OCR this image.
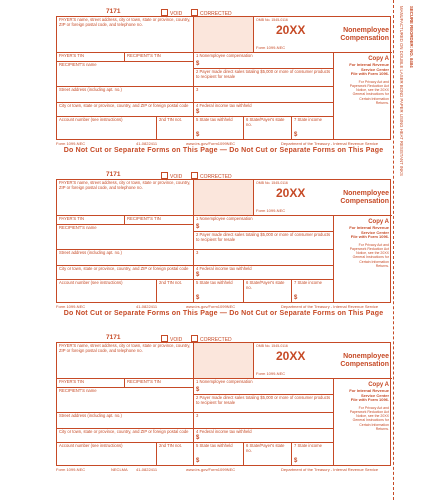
7171	VOID	CORRECTED
PAYER'S name, street address, city or town, state or province, country, ZIP or foreign postal code, and telephone no.
OMB No. 1545-0116
20XX
Form 1099-NEC
Nonemployee Compensation
PAYER'S TIN	RECIPIENT'S TIN	1 Nonemployee compensation
$
RECIPIENT'S name
2 Payer made direct sales totaling $5,000 or more of consumer products to recipient for resale
Street address (including apt. no.)	3
City or town, state or province, country, and ZIP or foreign postal code	4 Federal income tax withheld
$
Account number (see instructions)	2nd TIN not.	5 State tax withheld
$
6 State/Payer's state no.
7 State income
$
Copy A
For Internal Revenue
Service Center
File with Form 1096.
For Privacy Act and
Paperwork Reduction Act
Notice, see the 20XX
General Instructions for
Certain Information
Returns.
Form 1099-NEC	41-0822411	www.irs.gov/Form1099NEC	Department of the Treasury - Internal Revenue Service
Do Not Cut or Separate Forms on This Page — Do Not Cut or Separate Forms on This Page
7171	VOID	CORRECTED
PAYER'S name, street address, city or town, state or province, country, ZIP or foreign postal code, and telephone no.
OMB No. 1545-0116
20XX
Form 1099-NEC
Nonemployee Compensation
PAYER'S TIN	RECIPIENT'S TIN	1 Nonemployee compensation
$
RECIPIENT'S name
2 Payer made direct sales totaling $5,000 or more of consumer products to recipient for resale
Street address (including apt. no.)	3
City or town, state or province, country, and ZIP or foreign postal code	4 Federal income tax withheld
$
Account number (see instructions)	2nd TIN not.	5 State tax withheld
$
6 State/Payer's state no.
7 State income
$
Copy A
For Internal Revenue
Service Center
File with Form 1096.
For Privacy Act and
Paperwork Reduction Act
Notice, see the 20XX
General Instructions for
Certain Information
Returns.
Form 1099-NEC	41-0822411	www.irs.gov/Form1099NEC	Department of the Treasury - Internal Revenue Service
Do Not Cut or Separate Forms on This Page — Do Not Cut or Separate Forms on This Page
7171	VOID	CORRECTED
PAYER'S name, street address, city or town, state or province, country, ZIP or foreign postal code, and telephone no.
OMB No. 1545-0116
20XX
Form 1099-NEC
Nonemployee Compensation
PAYER'S TIN	RECIPIENT'S TIN	1 Nonemployee compensation
$
RECIPIENT'S name
2 Payer made direct sales totaling $5,000 or more of consumer products to recipient for resale
Street address (including apt. no.)	3
City or town, state or province, country, and ZIP or foreign postal code	4 Federal income tax withheld
$
Account number (see instructions)	2nd TIN not.	5 State tax withheld
$
6 State/Payer's state no.
7 State income
$
Copy A
For Internal Revenue
Service Center
File with Form 1096.
For Privacy Act and
Paperwork Reduction Act
Notice, see the 20XX
General Instructions for
Certain Information
Returns.
Form 1099-NEC	NECLMA 41-0822411	www.irs.gov/Form1099NEC	Department of the Treasury - Internal Revenue Service
MANUFACTURED ON DOUBLE LASER BOND PAPER USING HEAT RESISTANT INKS SECURE REORDER: NO. 8484
